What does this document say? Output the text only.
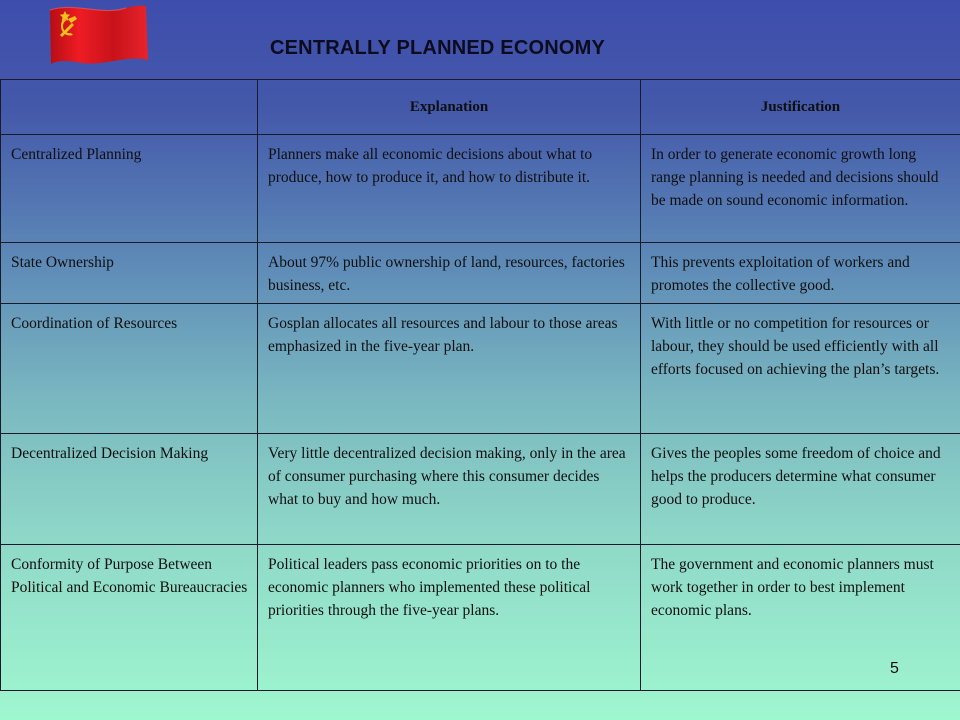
CENTRALLY PLANNED ECONOMY
	Explanation	Justification
Centralized Planning	Planners make all economic decisions about what to produce, how to produce it, and how to distribute it.	In order to generate economic growth long range planning is needed and decisions should be made on sound economic information.
State Ownership	About 97% public ownership of land, resources, factories business, etc.	This prevents exploitation of workers and promotes the collective good.
Coordination of Resources	Gosplan allocates all resources and labour to those areas emphasized in the five-year plan.	With little or no competition for resources or labour, they should be used efficiently with all efforts focused on achieving the plan’s targets.
Decentralized Decision Making	Very little decentralized decision making, only in the area of consumer purchasing where this consumer decides what to buy and how much.	Gives the peoples some freedom of choice and helps the producers determine what consumer good to produce.
Conformity of Purpose Between Political and Economic Bureaucracies	Political leaders pass economic priorities on to the economic planners who implemented these political priorities through the five-year plans.	The government and economic planners must work together in order to best implement economic plans.
5
